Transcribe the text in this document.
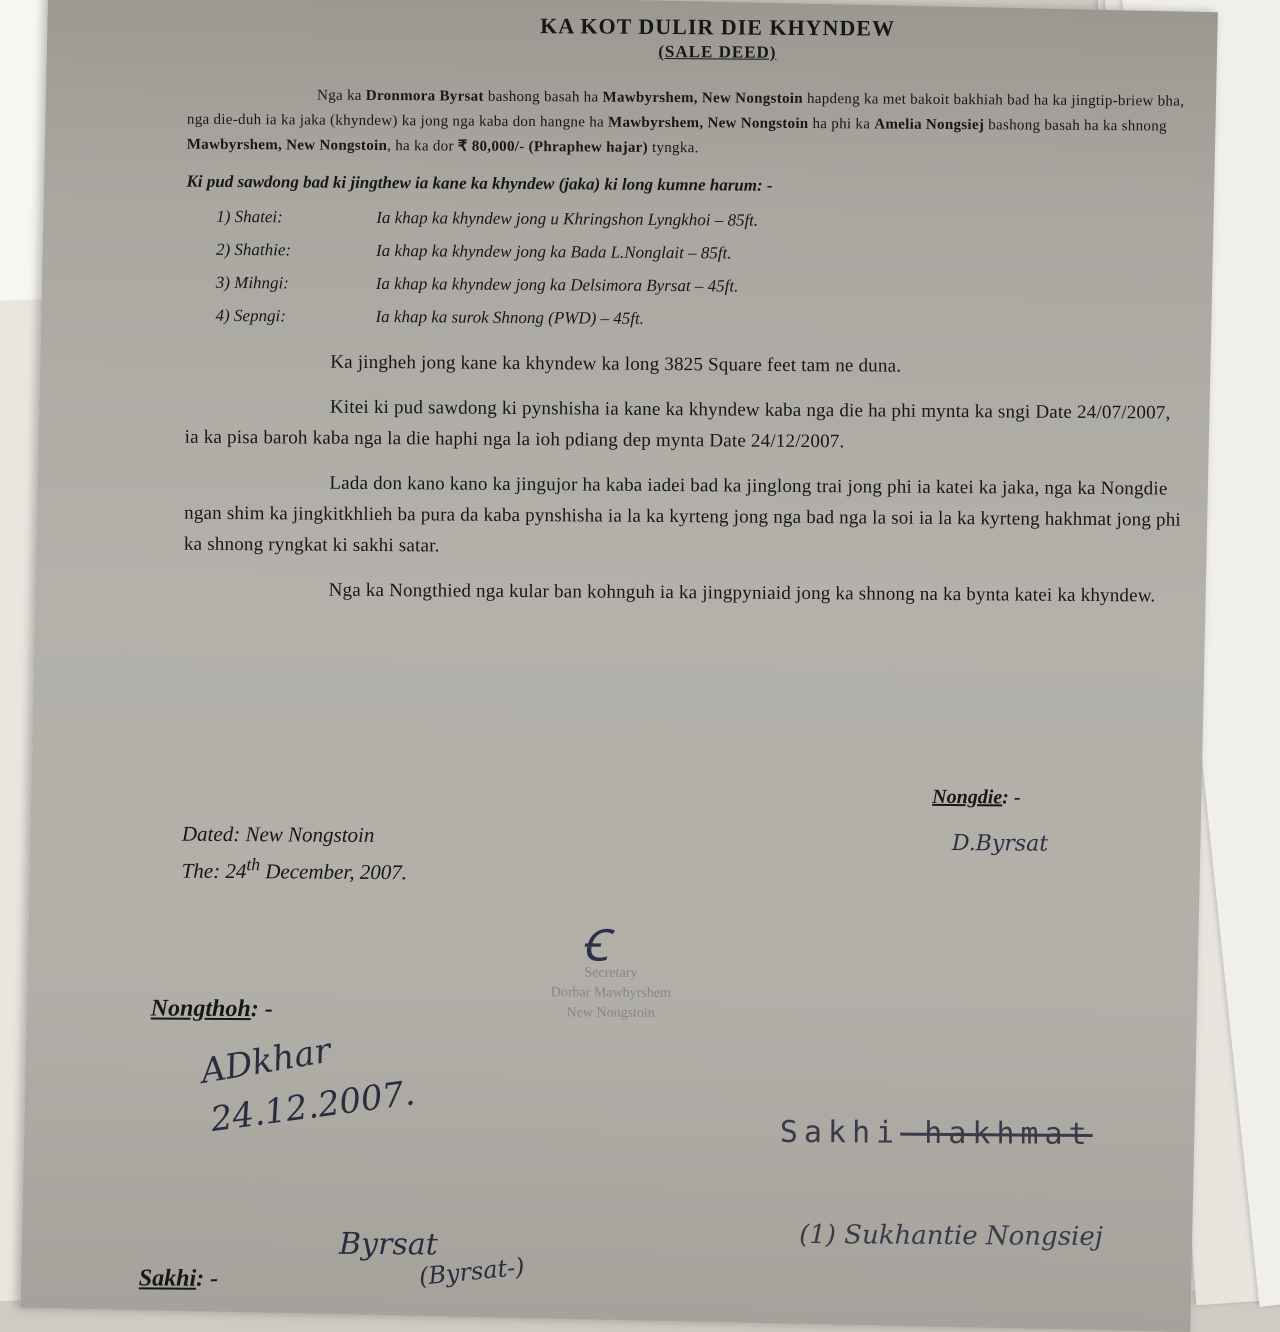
KA KOT DULIR DIE KHYNDEW
(SALE DEED)
Nga ka Dronmora Byrsat bashong basah ha Mawbyrshem, New Nongstoin hapdeng ka met bakoit bakhiah bad ha ka jingtip-briew bha, nga die-duh ia ka jaka (khyndew) ka jong nga kaba don hangne ha Mawbyrshem, New Nongstoin ha phi ka Amelia Nongsiej bashong basah ha ka shnong Mawbyrshem, New Nongstoin, ha ka dor ₹ 80,000/- (Phraphew hajar) tyngka.
Ki pud sawdong bad ki jingthew ia kane ka khyndew (jaka) ki long kumne harum: -
1) Shatei:	Ia khap ka khyndew jong u Khringshon Lyngkhoi – 85ft.
2) Shathie:	Ia khap ka khyndew jong ka Bada L.Nonglait – 85ft.
3) Mihngi:	Ia khap ka khyndew jong ka Delsimora Byrsat – 45ft.
4) Sepngi:	Ia khap ka surok Shnong (PWD) – 45ft.
Ka jingheh jong kane ka khyndew ka long 3825 Square feet tam ne duna.
Kitei ki pud sawdong ki pynshisha ia kane ka khyndew kaba nga die ha phi mynta ka sngi Date 24/07/2007, ia ka pisa baroh kaba nga la die haphi nga la ioh pdiang dep mynta Date 24/12/2007.
Lada don kano kano ka jingujor ha kaba iadei bad ka jinglong trai jong phi ia katei ka jaka, nga ka Nongdie ngan shim ka jingkitkhlieh ba pura da kaba pynshisha ia la ka kyrteng jong nga bad nga la soi ia la ka kyrteng hakhmat jong phi ka shnong ryngkat ki sakhi satar.
Nga ka Nongthied nga kular ban kohnguh ia ka jingpyniaid jong ka shnong na ka bynta katei ka khyndew.
Dated: New Nongstoin
The: 24th December, 2007.
Nongdie: -
D.Byrsat
Ꞓ
Secretary
Dorbar Mawbyrshem
New Nongstoin
Nongthoh: -
ADkhar
24.12.2007.	Sakhi hakhmat
Sakhi: -
Byrsat
(Byrsat-)
(1) Sukhantie Nongsiej
